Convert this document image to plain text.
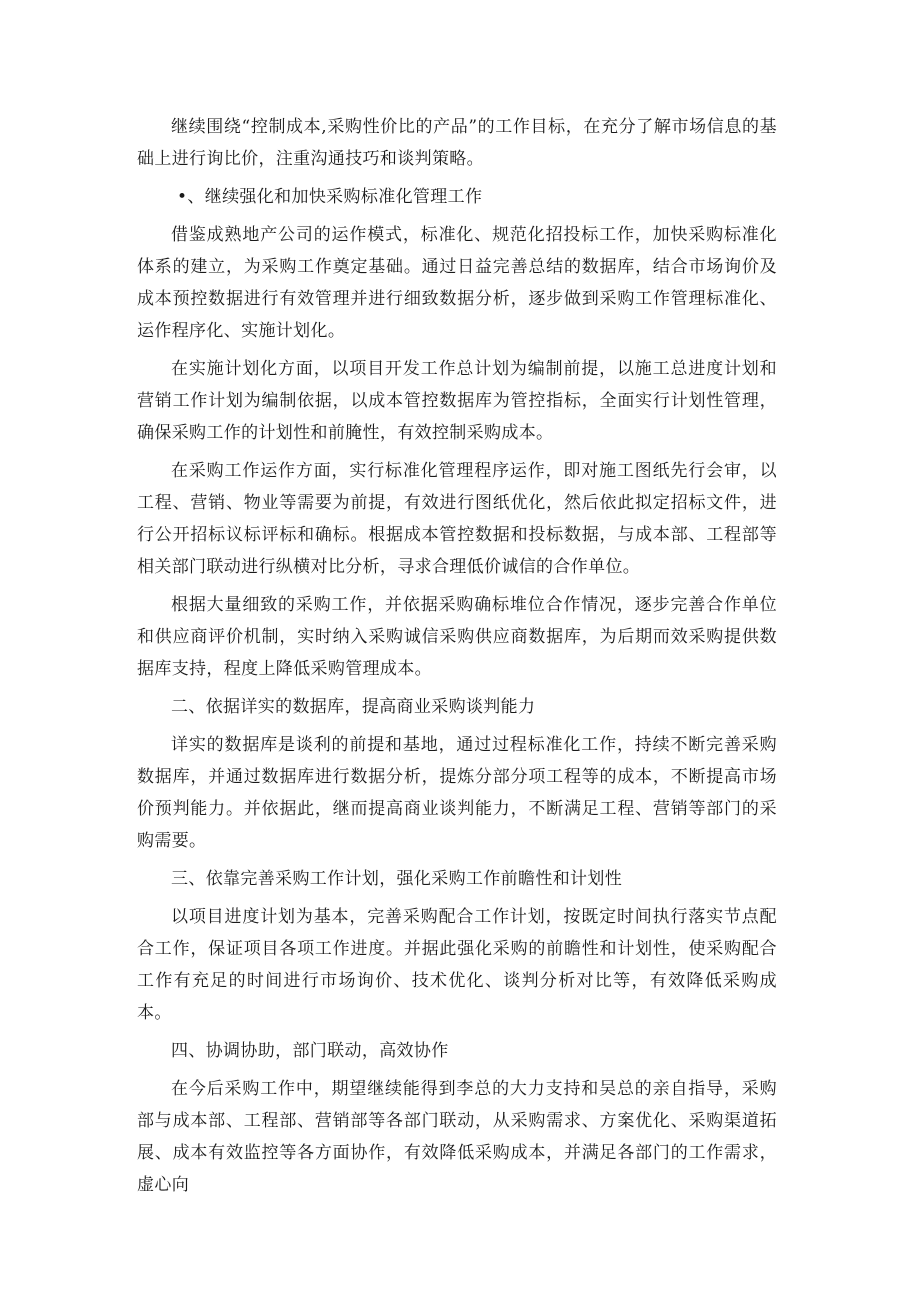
继续围绕“控制成本,采购性价比的产品”的工作目标，在充分了解市场信息的基础上进行询比价，注重沟通技巧和谈判策略。

•、继续强化和加快采购标准化管理工作

借鉴成熟地产公司的运作模式，标准化、规范化招投标工作，加快采购标准化体系的建立，为采购工作奠定基础。通过日益完善总结的数据库，结合市场询价及成本预控数据进行有效管理并进行细致数据分析，逐步做到采购工作管理标准化、运作程序化、实施计划化。

在实施计划化方面，以项目开发工作总计划为编制前提，以施工总进度计划和营销工作计划为编制依据，以成本管控数据库为管控指标，全面实行计划性管理，确保采购工作的计划性和前腌性，有效控制采购成本。

在采购工作运作方面，实行标准化管理程序运作，即对施工图纸先行会审，以工程、营销、物业等需要为前提，有效进行图纸优化，然后依此拟定招标文件，进行公开招标议标评标和确标。根据成本管控数据和投标数据，与成本部、工程部等相关部门联动进行纵横对比分析，寻求合理低价诚信的合作单位。

根据大量细致的采购工作，并依据采购确标堆位合作情况，逐步完善合作单位和供应商评价机制，实时纳入采购诚信采购供应商数据库，为后期而效采购提供数据库支持，程度上降低采购管理成本。

二、依据详实的数据库，提高商业采购谈判能力

详实的数据库是谈利的前提和基地，通过过程标准化工作，持续不断完善采购数据库，并通过数据库进行数据分析，提炼分部分项工程等的成本，不断提高市场价预判能力。并依据此，继而提高商业谈判能力，不断满足工程、营销等部门的采购需要。

三、依靠完善采购工作计划，强化采购工作前瞻性和计划性

以项目进度计划为基本，完善采购配合工作计划，按既定时间执行落实节点配合工作，保证项目各项工作进度。并据此强化采购的前瞻性和计划性，使采购配合工作有充足的时间进行市场询价、技术优化、谈判分析对比等，有效降低采购成本。

四、协调协助，部门联动，高效协作

在今后采购工作中，期望继续能得到李总的大力支持和吴总的亲自指导，采购部与成本部、工程部、营销部等各部门联动，从采购需求、方案优化、采购渠道拓展、成本有效监控等各方面协作，有效降低采购成本，并满足各部门的工作需求，虚心向
